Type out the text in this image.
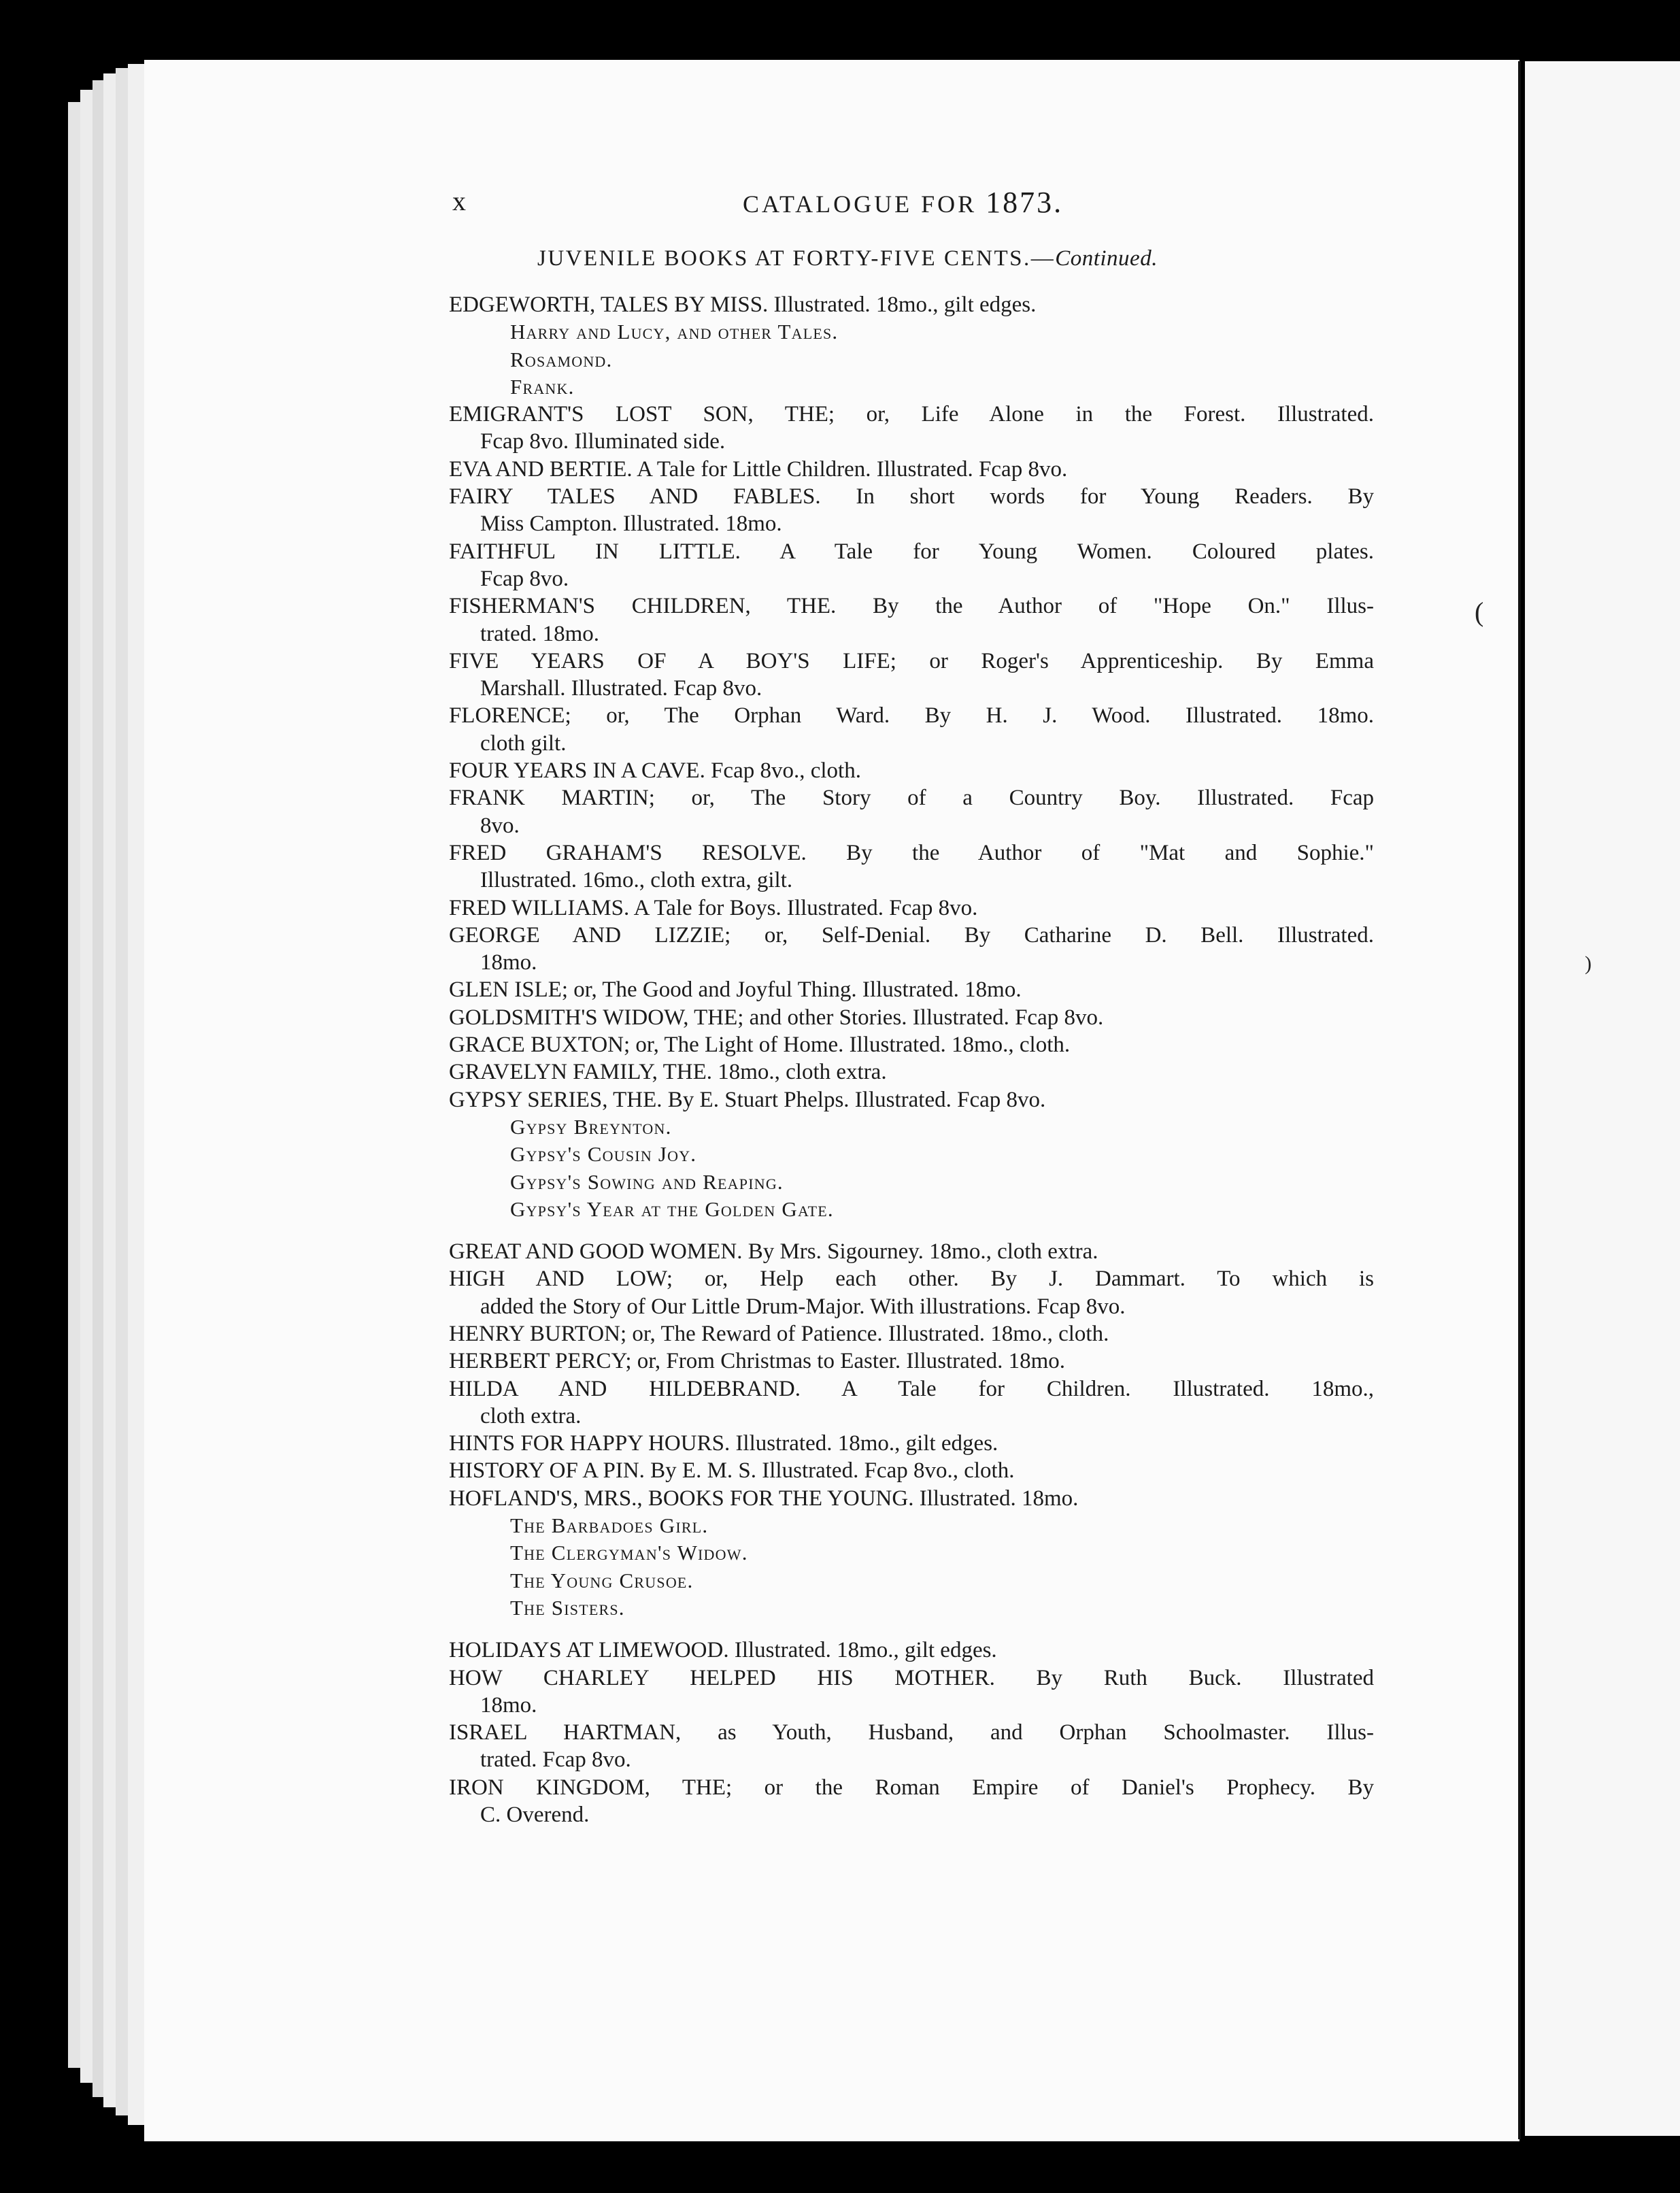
(
)
x	CATALOGUE FOR 1873.
JUVENILE BOOKS AT FORTY-FIVE CENTS.—Continued.
EDGEWORTH, TALES BY MISS. Illustrated. 18mo., gilt edges.
Harry and Lucy, and other Tales.
Rosamond.
Frank.
EMIGRANT'S LOST SON, THE; or, Life Alone in the Forest. Illustrated.
Fcap 8vo. Illuminated side.
EVA AND BERTIE. A Tale for Little Children. Illustrated. Fcap 8vo.
FAIRY TALES AND FABLES. In short words for Young Readers. By
Miss Campton. Illustrated. 18mo.
FAITHFUL IN LITTLE. A Tale for Young Women. Coloured plates.
Fcap 8vo.
FISHERMAN'S CHILDREN, THE. By the Author of "Hope On." Illus-
trated. 18mo.
FIVE YEARS OF A BOY'S LIFE; or Roger's Apprenticeship. By Emma
Marshall. Illustrated. Fcap 8vo.
FLORENCE; or, The Orphan Ward. By H. J. Wood. Illustrated. 18mo.
cloth gilt.
FOUR YEARS IN A CAVE. Fcap 8vo., cloth.
FRANK MARTIN; or, The Story of a Country Boy. Illustrated. Fcap
8vo.
FRED GRAHAM'S RESOLVE. By the Author of "Mat and Sophie."
Illustrated. 16mo., cloth extra, gilt.
FRED WILLIAMS. A Tale for Boys. Illustrated. Fcap 8vo.
GEORGE AND LIZZIE; or, Self-Denial. By Catharine D. Bell. Illustrated.
18mo.
GLEN ISLE; or, The Good and Joyful Thing. Illustrated. 18mo.
GOLDSMITH'S WIDOW, THE; and other Stories. Illustrated. Fcap 8vo.
GRACE BUXTON; or, The Light of Home. Illustrated. 18mo., cloth.
GRAVELYN FAMILY, THE. 18mo., cloth extra.
GYPSY SERIES, THE. By E. Stuart Phelps. Illustrated. Fcap 8vo.
Gypsy Breynton.
Gypsy's Cousin Joy.
Gypsy's Sowing and Reaping.
Gypsy's Year at the Golden Gate.
GREAT AND GOOD WOMEN. By Mrs. Sigourney. 18mo., cloth extra.
HIGH AND LOW; or, Help each other. By J. Dammart. To which is
added the Story of Our Little Drum-Major. With illustrations. Fcap 8vo.
HENRY BURTON; or, The Reward of Patience. Illustrated. 18mo., cloth.
HERBERT PERCY; or, From Christmas to Easter. Illustrated. 18mo.
HILDA AND HILDEBRAND. A Tale for Children. Illustrated. 18mo.,
cloth extra.
HINTS FOR HAPPY HOURS. Illustrated. 18mo., gilt edges.
HISTORY OF A PIN. By E. M. S. Illustrated. Fcap 8vo., cloth.
HOFLAND'S, MRS., BOOKS FOR THE YOUNG. Illustrated. 18mo.
The Barbadoes Girl.
The Clergyman's Widow.
The Young Crusoe.
The Sisters.
HOLIDAYS AT LIMEWOOD. Illustrated. 18mo., gilt edges.
HOW CHARLEY HELPED HIS MOTHER. By Ruth Buck. Illustrated
18mo.
ISRAEL HARTMAN, as Youth, Husband, and Orphan Schoolmaster. Illus-
trated. Fcap 8vo.
IRON KINGDOM, THE; or the Roman Empire of Daniel's Prophecy. By
C. Overend.
